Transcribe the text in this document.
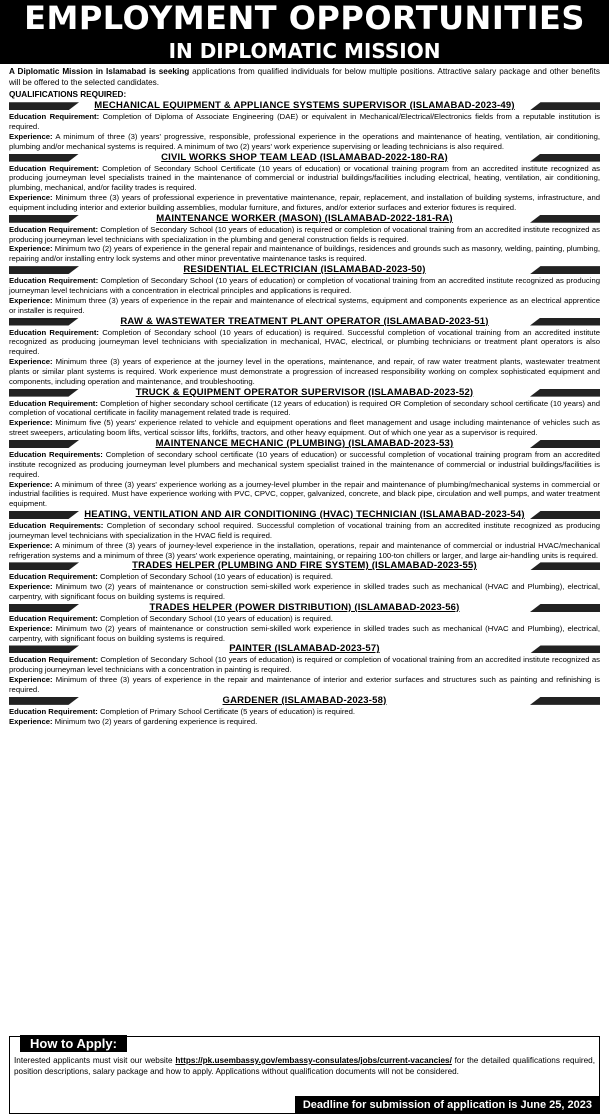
EMPLOYMENT OPPORTUNITIES
IN DIPLOMATIC MISSION
A Diplomatic Mission in Islamabad is seeking applications from qualified individuals for below multiple positions. Attractive salary package and other benefits will be offered to the selected candidates.
QUALIFICATIONS REQUIRED:
MECHANICAL EQUIPMENT & APPLIANCE SYSTEMS SUPERVISOR (ISLAMABAD-2023-49)
Education Requirement: Completion of Diploma of Associate Engineering (DAE) or equivalent in Mechanical/Electrical/Electronics fields from a reputable institution is required.
Experience: A minimum of three (3) years' progressive, responsible, professional experience in the operations and maintenance of heating, ventilation, air conditioning, plumbing and/or mechanical systems is required. A minimum of two (2) years' work experience supervising or leading technicians is also required.
CIVIL WORKS SHOP TEAM LEAD (ISLAMABAD-2022-180-RA)
Education Requirement: Completion of Secondary School Certificate (10 years of education) or vocational training program from an accredited institute recognized as producing journeyman level specialists trained in the maintenance of commercial or industrial buildings/facilities including electrical, heating, ventilation, air conditioning, plumbing, mechanical, and/or facility trades is required.
Experience: Minimum three (3) years of professional experience in preventative maintenance, repair, replacement, and installation of building systems, infrastructure, and equipment including interior and exterior building assemblies, modular furniture, and fixtures, and/or exterior surfaces and exterior fixtures is required.
MAINTENANCE WORKER (MASON) (ISLAMABAD-2022-181-RA)
Education Requirement: Completion of Secondary School (10 years of education) is required or completion of vocational training from an accredited institute recognized as producing journeyman level technicians with specialization in the plumbing and general construction fields is required.
Experience: Minimum two (2) years of experience in the general repair and maintenance of buildings, residences and grounds such as masonry, welding, painting, plumbing, repairing and/or installing entry lock systems and other minor preventative maintenance tasks is required.
RESIDENTIAL ELECTRICIAN (ISLAMABAD-2023-50)
Education Requirement: Completion of Secondary School (10 years of education) or completion of vocational training from an accredited institute recognized as producing journeyman level technicians with a concentration in electrical principles and applications is required.
Experience: Minimum three (3) years of experience in the repair and maintenance of electrical systems, equipment and components experience as an electrical apprentice or installer is required.
RAW & WASTEWATER TREATMENT PLANT OPERATOR (ISLAMABAD-2023-51)
Education Requirement: Completion of Secondary school (10 years of education) is required. Successful completion of vocational training from an accredited institute recognized as producing journeyman level technicians with specialization in mechanical, HVAC, electrical, or plumbing technicians or treatment plant operators is also required.
Experience: Minimum three (3) years of experience at the journey level in the operations, maintenance, and repair, of raw water treatment plants, wastewater treatment plants or similar plant systems is required. Work experience must demonstrate a progression of increased responsibility working on complex sophisticated equipment and components, including operation and maintenance, and troubleshooting.
TRUCK & EQUIPMENT OPERATOR SUPERVISOR (ISLAMABAD-2023-52)
Education Requirement: Completion of higher secondary school certificate (12 years of education) is required OR Completion of secondary school certificate (10 years) and completion of vocational certificate in facility management related trade is required.
Experience: Minimum five (5) years' experience related to vehicle and equipment operations and fleet management and usage including maintenance of vehicles such as street sweepers, articulating boom lifts, vertical scissor lifts, forklifts, tractors, and other heavy equipment. Out of which one year as a supervisor is required.
MAINTENANCE MECHANIC (PLUMBING) (ISLAMABAD-2023-53)
Education Requirements: Completion of secondary school certificate (10 years of education) or successful completion of vocational training program from an accredited institute recognized as producing journeyman level plumbers and mechanical system specialist trained in the maintenance of commercial or industrial buildings/facilities is required.
Experience: A minimum of three (3) years' experience working as a journey-level plumber in the repair and maintenance of plumbing/mechanical systems in commercial or industrial facilities is required. Must have experience working with PVC, CPVC, copper, galvanized, concrete, and black pipe, circulation and well pumps, and water treatment equipment.
HEATING, VENTILATION AND AIR CONDITIONING (HVAC) TECHNICIAN (ISLAMABAD-2023-54)
Education Requirements: Completion of secondary school required. Successful completion of vocational training from an accredited institute recognized as producing journeyman level technicians with specialization in the HVAC field is required.
Experience: A minimum of three (3) years of journey-level experience in the installation, operations, repair and maintenance of commercial or industrial HVAC/mechanical refrigeration systems and a minimum of three (3) years' work experience operating, maintaining, or repairing 100-ton chillers or larger, and large air-handling units is required.
TRADES HELPER (PLUMBING AND FIRE SYSTEM) (ISLAMABAD-2023-55)
Education Requirement: Completion of Secondary School (10 years of education) is required.
Experience: Minimum two (2) years of maintenance or construction semi-skilled work experience in skilled trades such as mechanical (HVAC and Plumbing), electrical, carpentry, with significant focus on building systems is required.
TRADES HELPER (POWER DISTRIBUTION) (ISLAMABAD-2023-56)
Education Requirement: Completion of Secondary School (10 years of education) is required.
Experience: Minimum two (2) years of maintenance or construction semi-skilled work experience in skilled trades such as mechanical (HVAC and Plumbing), electrical, carpentry, with significant focus on building systems is required.
PAINTER (ISLAMABAD-2023-57)
Education Requirement: Completion of Secondary School (10 years of education) is required or completion of vocational training from an accredited institute recognized as producing journeyman level technicians with a concentration in painting is required.
Experience: Minimum of three (3) years of experience in the repair and maintenance of interior and exterior surfaces and structures such as painting and refinishing is required.
GARDENER (ISLAMABAD-2023-58)
Education Requirement: Completion of Primary School Certificate (5 years of education) is required.
Experience: Minimum two (2) years of gardening experience is required.
How to Apply:
Interested applicants must visit our website https://pk.usembassy.gov/embassy-consulates/jobs/current-vacancies/ for the detailed qualifications required, position descriptions, salary package and how to apply. Applications without qualification documents will not be considered.
Deadline for submission of application is June 25, 2023
